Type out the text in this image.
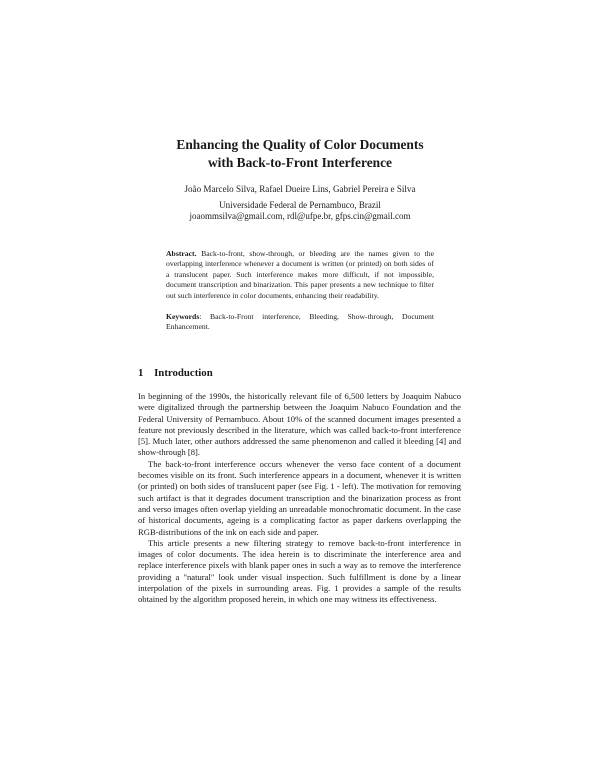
Enhancing the Quality of Color Documents
with Back-to-Front Interference
João Marcelo Silva, Rafael Dueire Lins, Gabriel Pereira e Silva
Universidade Federal de Pernambuco, Brazil
joaommsilva@gmail.com, rdl@ufpe.br, gfps.cin@gmail.com

Abstract. Back-to-front, show-through, or bleeding are the names given to the overlapping interference whenever a document is written (or printed) on both sides of a translucent paper. Such interference makes more difficult, if not impossible, document transcription and binarization. This paper presents a new technique to filter out such interference in color documents, enhancing their readability.

Keywords: Back-to-Front interference, Bleeding, Show-through, Document Enhancement.

1 Introduction

In beginning of the 1990s, the historically relevant file of 6,500 letters by Joaquim Nabuco were digitalized through the partnership between the Joaquim Nabuco Foundation and the Federal University of Pernambuco. About 10% of the scanned document images presented a feature not previously described in the literature, which was called back-to-front interference [5]. Much later, other authors addressed the same phenomenon and called it bleeding [4] and show-through [8].

The back-to-front interference occurs whenever the verso face content of a document becomes visible on its front. Such interference appears in a document, whenever it is written (or printed) on both sides of translucent paper (see Fig. 1 - left). The motivation for removing such artifact is that it degrades document transcription and the binarization process as front and verso images often overlap yielding an unreadable monochromatic document. In the case of historical documents, ageing is a complicating factor as paper darkens overlapping the RGB-distributions of the ink on each side and paper.

This article presents a new filtering strategy to remove back-to-front interference in images of color documents. The idea herein is to discriminate the interference area and replace interference pixels with blank paper ones in such a way as to remove the interference providing a "natural" look under visual inspection. Such fulfillment is done by a linear interpolation of the pixels in surrounding areas. Fig. 1 provides a sample of the results obtained by the algorithm proposed herein, in which one may witness its effectiveness.
